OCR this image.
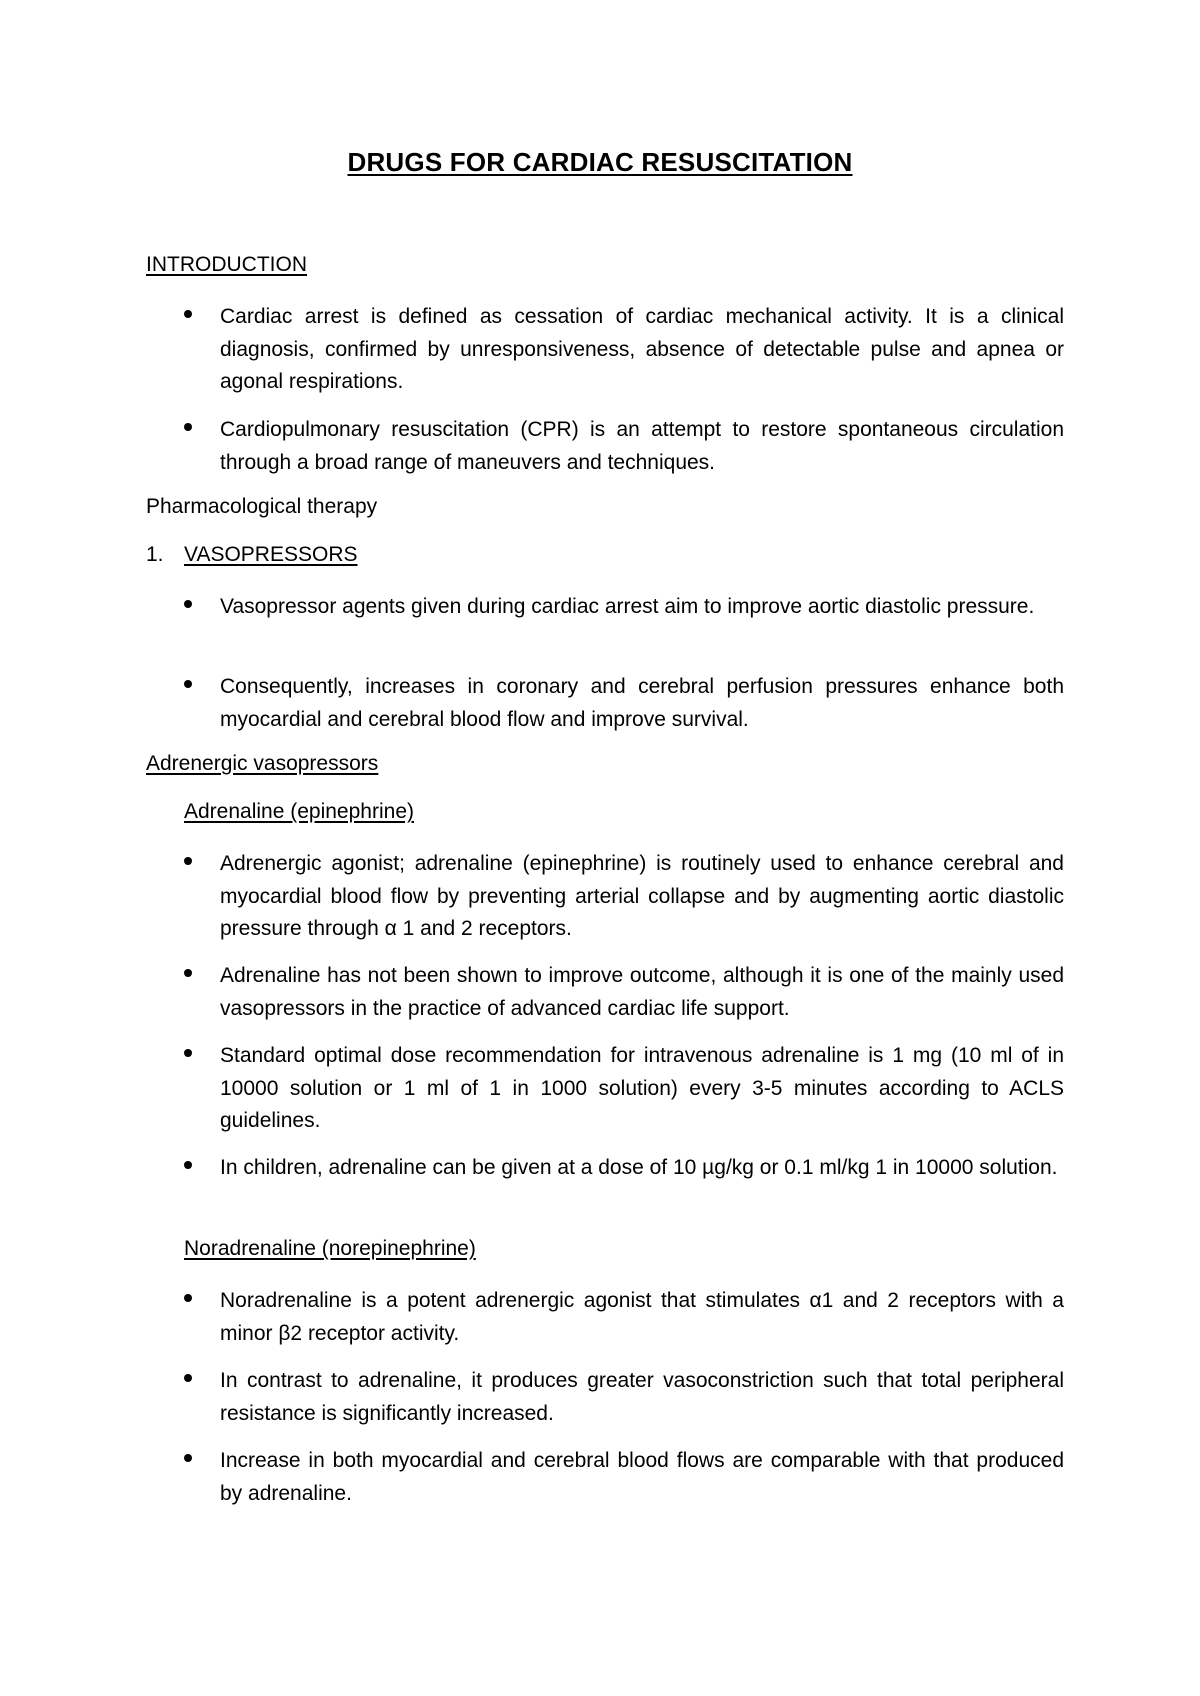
DRUGS FOR CARDIAC RESUSCITATION
INTRODUCTION
Cardiac arrest is defined as cessation of cardiac mechanical activity. It is a clinical diagnosis, confirmed by unresponsiveness, absence of detectable pulse and apnea or agonal respirations.
Cardiopulmonary resuscitation (CPR) is an attempt to restore spontaneous circulation through a broad range of maneuvers and techniques.
Pharmacological therapy
1. VASOPRESSORS
Vasopressor agents given during cardiac arrest aim to improve aortic diastolic pressure.
Consequently, increases in coronary and cerebral perfusion pressures enhance both myocardial and cerebral blood flow and improve survival.
Adrenergic vasopressors
Adrenaline (epinephrine)
Adrenergic agonist; adrenaline (epinephrine) is routinely used to enhance cerebral and myocardial blood flow by preventing arterial collapse and by augmenting aortic diastolic pressure through α 1 and 2 receptors.
Adrenaline has not been shown to improve outcome, although it is one of the mainly used vasopressors in the practice of advanced cardiac life support.
Standard optimal dose recommendation for intravenous adrenaline is 1 mg (10 ml of in 10000 solution or 1 ml of 1 in 1000 solution) every 3-5 minutes according to ACLS guidelines.
In children, adrenaline can be given at a dose of 10 µg/kg or 0.1 ml/kg 1 in 10000 solution.
Noradrenaline (norepinephrine)
Noradrenaline is a potent adrenergic agonist that stimulates α1 and 2 receptors with a minor β2 receptor activity.
In contrast to adrenaline, it produces greater vasoconstriction such that total peripheral resistance is significantly increased.
Increase in both myocardial and cerebral blood flows are comparable with that produced by adrenaline.
